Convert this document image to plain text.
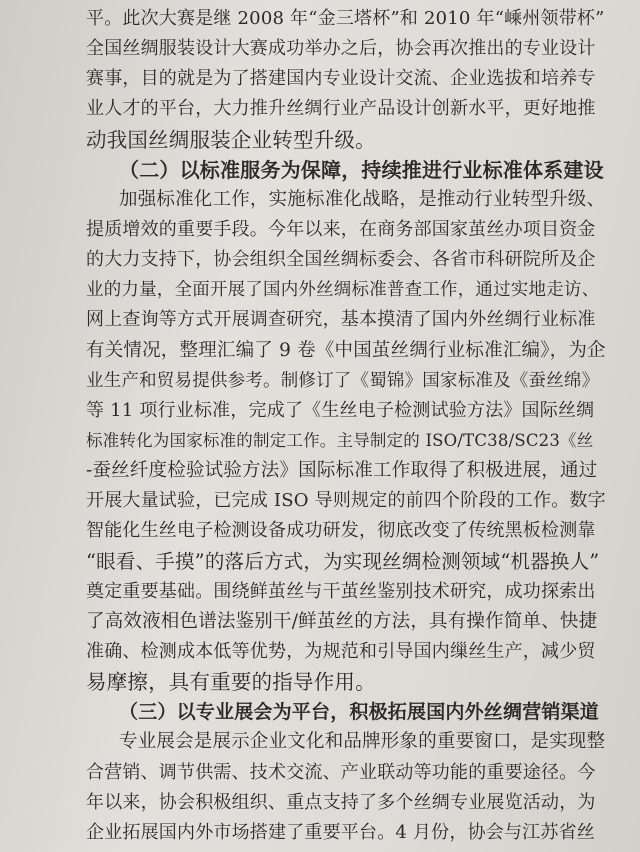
平。此次大赛是继 2008 年“金三塔杯”和 2010 年“嵊州领带杯”
全国丝绸服装设计大赛成功举办之后，协会再次推出的专业设计
赛事，目的就是为了搭建国内专业设计交流、企业选拔和培养专
业人才的平台，大力推升丝绸行业产品设计创新水平，更好地推
动我国丝绸服装企业转型升级。
（二）以标准服务为保障，持续推进行业标准体系建设
加强标准化工作，实施标准化战略，是推动行业转型升级、
提质增效的重要手段。今年以来，在商务部国家茧丝办项目资金
的大力支持下，协会组织全国丝绸标委会、各省市科研院所及企
业的力量，全面开展了国内外丝绸标准普查工作，通过实地走访、
网上查询等方式开展调查研究，基本摸清了国内外丝绸行业标准
有关情况，整理汇编了 9 卷《中国茧丝绸行业标准汇编》，为企
业生产和贸易提供参考。制修订了《蜀锦》国家标准及《蚕丝绵》
等 11 项行业标准，完成了《生丝电子检测试验方法》国际丝绸
标准转化为国家标准的制定工作。主导制定的 ISO/TC38/SC23《丝
-蚕丝纤度检验试验方法》国际标准工作取得了积极进展，通过
开展大量试验，已完成 ISO 导则规定的前四个阶段的工作。数字
智能化生丝电子检测设备成功研发，彻底改变了传统黑板检测靠
“眼看、手摸”的落后方式，为实现丝绸检测领域“机器换人”
奠定重要基础。围绕鲜茧丝与干茧丝鉴别技术研究，成功探索出
了高效液相色谱法鉴别干/鲜茧丝的方法，具有操作简单、快捷
准确、检测成本低等优势，为规范和引导国内缫丝生产，减少贸
易摩擦，具有重要的指导作用。
（三）以专业展会为平台，积极拓展国内外丝绸营销渠道
专业展会是展示企业文化和品牌形象的重要窗口，是实现整
合营销、调节供需、技术交流、产业联动等功能的重要途径。今
年以来，协会积极组织、重点支持了多个丝绸专业展览活动，为
企业拓展国内外市场搭建了重要平台。4 月份，协会与江苏省丝
